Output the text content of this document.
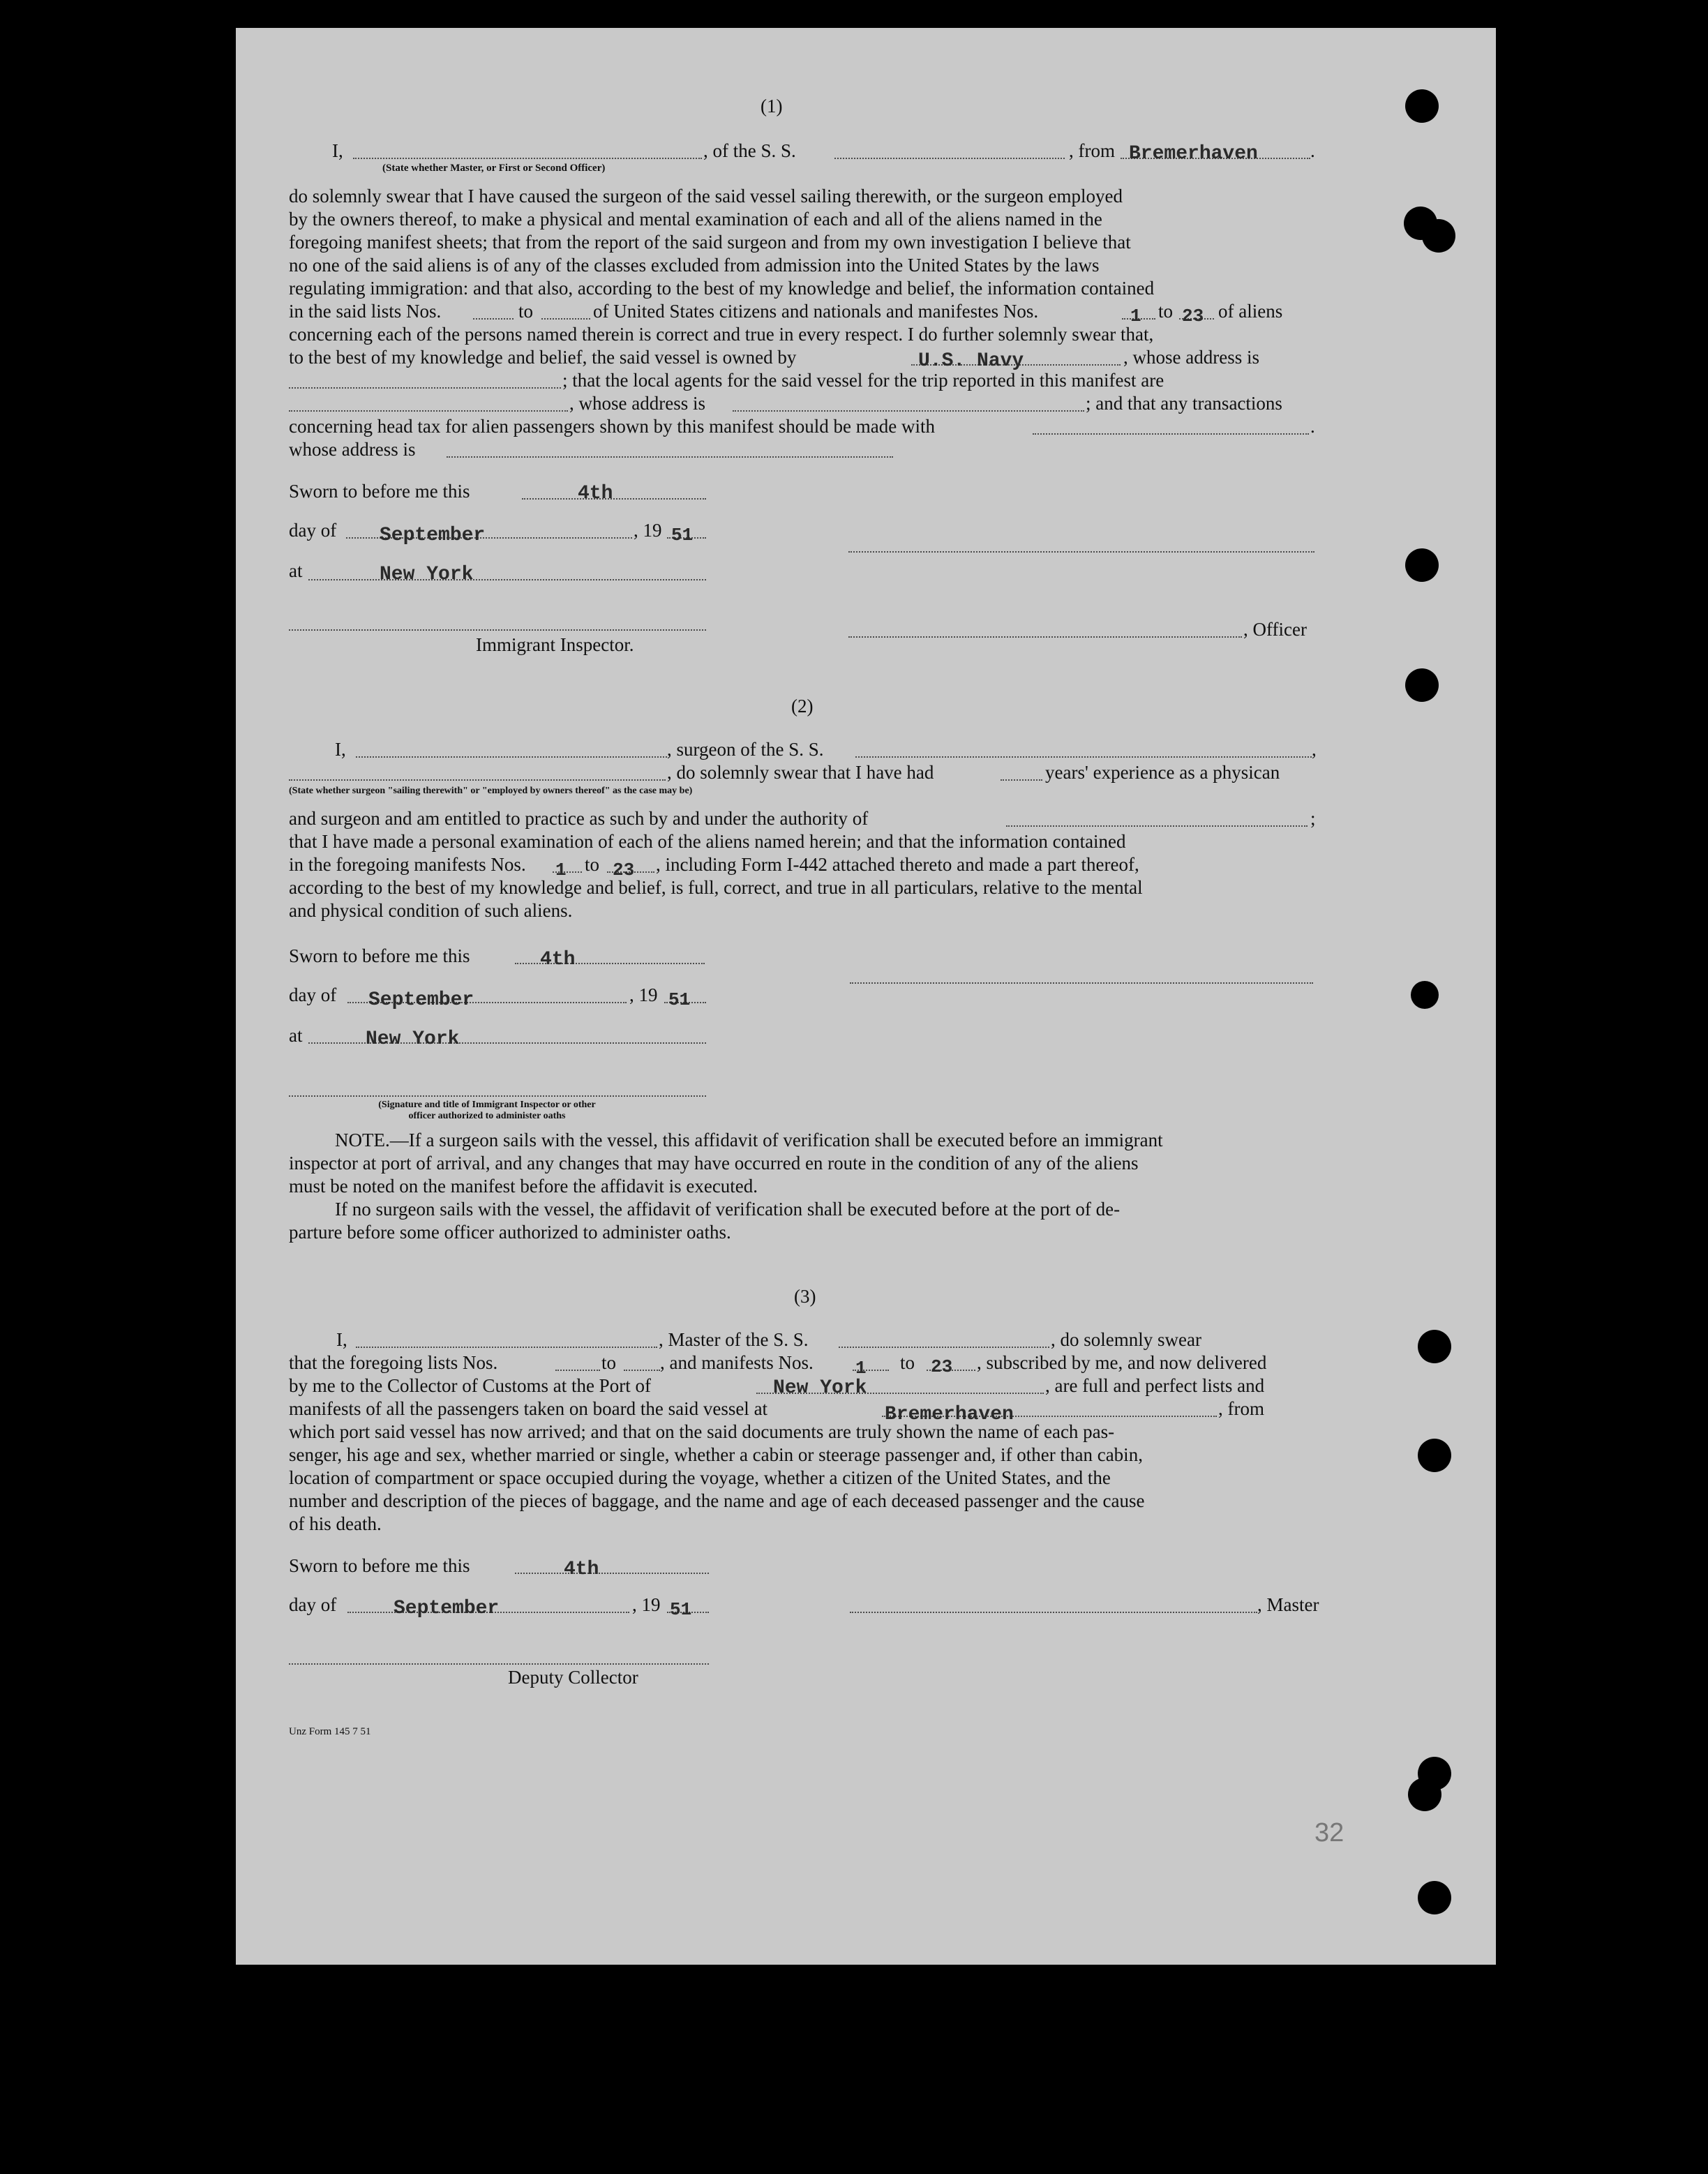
(1)
I,	, of the S. S.	, from Bremerhaven	.
(State whether Master, or First or Second Officer)
do solemnly swear that I have caused the surgeon of the said vessel sailing therewith, or the surgeon employed
by the owners thereof, to make a physical and mental examination of each and all of the aliens named in the
foregoing manifest sheets; that from the report of the said surgeon and from my own investigation I believe that
no one of the said aliens is of any of the classes excluded from admission into the United States by the laws
regulating immigration: and that also, according to the best of my knowledge and belief, the information contained
in the said lists Nos.	to	of United States citizens and nationals and manifestes Nos.	1 to 23 of aliens
concerning each of the persons named therein is correct and true in every respect. I do further solemnly swear that,
to the best of my knowledge and belief, the said vessel is owned by	U.S. Navy	, whose address is
; that the local agents for the said vessel for the trip reported in this manifest are
, whose address is	; and that any transactions
concerning head tax for alien passengers shown by this manifest should be made with	.
whose address is
Sworn to before me this	4th
day of September	, 19 51
at	New York
, Officer
Immigrant Inspector.
(2)
I,	, surgeon of the S. S.	,
, do solemnly swear that I have had	years' experience as a physican
(State whether surgeon "sailing therewith" or "employed by owners thereof" as the case may be)
and surgeon and am entitled to practice as such by and under the authority of	;
that I have made a personal examination of each of the aliens named herein; and that the information contained
in the foregoing manifests Nos. 1 to 23 , including Form I-442 attached thereto and made a part thereof,
according to the best of my knowledge and belief, is full, correct, and true in all particulars, relative to the mental
and physical condition of such aliens.
Sworn to before me this	4th
day of September	, 19 51
at	New York
(Signature and title of Immigrant Inspector or other
officer authorized to administer oaths
NOTE.—If a surgeon sails with the vessel, this affidavit of verification shall be executed before an immigrant
inspector at port of arrival, and any changes that may have occurred en route in the condition of any of the aliens
must be noted on the manifest before the affidavit is executed.
If no surgeon sails with the vessel, the affidavit of verification shall be executed before at the port of de-
parture before some officer authorized to administer oaths.
(3)
I,	, Master of the S. S.	, do solemnly swear
that the foregoing lists Nos.	to , and manifests Nos. 1 to 23 , subscribed by me, and now delivered
by me to the Collector of Customs at the Port of	New York	, are full and perfect lists and
manifests of all the passengers taken on board the said vessel at	Bremerhaven	, from
which port said vessel has now arrived; and that on the said documents are truly shown the name of each pas-
senger, his age and sex, whether married or single, whether a cabin or steerage passenger and, if other than cabin,
location of compartment or space occupied during the voyage, whether a citizen of the United States, and the
number and description of the pieces of baggage, and the name and age of each deceased passenger and the cause
of his death.
Sworn to before me this	4th
day of	September	, 19 51	, Master
Deputy Collector
Unz Form 145 7 51
32
